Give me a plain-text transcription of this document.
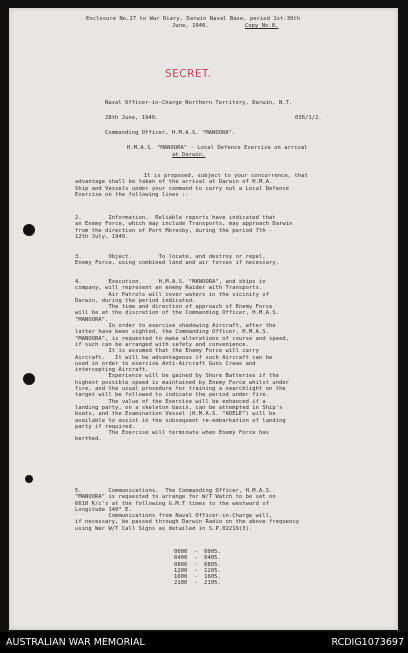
Enclosure No.27 to War Diary, Darwin Naval Base, period 1st-30th
June, 1940.	Copy No.8.
SECRET.
Naval Officer-in-Charge Northern Territory, Darwin, N.T.
28th June, 1940.	036/1/2.
Commanding Officer, H.M.A.S. "MANOORA".
H.M.A.S. "MANOORA" - Local Defence Exercise on arrival
at Darwin.
It is proposed, subject to your concurrence, that
advantage shall be taken of the arrival at Darwin of H.M.A.
Ship and Vessels under your command to carry out a Local Defence
Exercise on the following lines :-
2.        Information.  Reliable reports have indicated that
an Enemy Force, which may include Transports, may approach Darwin
from the direction of Port Moresby, during the period 7th -
12th July, 1940.
3.        Object.        To locate, and destroy or repel,
Enemy Force, using combined land and air forces if necessary.
4.        Execution.     H.M.A.S. "MANOORA", and ships in
company, will represent an enemy Raider with Transports.
Air Patrols will cover waters in the vicinity of
Darwin, during the period indicated.
The time and direction of approach of Enemy Force
will be at the discretion of the Commanding Officer, H.M.A.S.
"MANOORA".
In order to exercise shadowing Aircraft, after the
latter have been sighted, the Commanding Officer, H.M.A.S.
"MANOORA", is requested to make alterations of course and speed,
if such can be arranged with safety and convenience.
It is assumed that the Enemy Force will carry
Aircraft.   It will be advantageous if such Aircraft can be
used in order to exercise Anti-Aircraft Guns Crews and
intercepting Aircraft.
Experience will be gained by Shore Batteries if the
highest possible speed is maintained by Enemy Force whilst under
fire, and the usual procedure for training a searchlight on the
target will be followed to indicate the period under fire.
The value of the Exercise will be enhanced if a
landing party, on a skeleton basis, can be attempted in Ship's
boats, and the Examination Vessel (H.M.A.S. "ADELE") will be
available to assist in the subsequent re-embarkation of landing
party if required.
The Exercise will terminate when Enemy Force has
berthed.
5.        Communications.  The Commanding Officer, H.M.A.S.
"MANOORA" is requested to arrange for W/T Watch to be set on
6610 K/c's at the following G.M.T times to the westward of
Longitude 140° E.
Communications from Naval Officer-in-Charge will,
if necessary, be passed through Darwin Radio on the above frequency
using War W/T Call Signs as detailed in S.P.02219(3).
0000  -  0005.
0400  -  0405.
0800  -  0805.
1200  -  1205.
1600  -  1605.
2100  -  2105.
AUSTRALIAN WAR MEMORIAL	RCDIG1073697
